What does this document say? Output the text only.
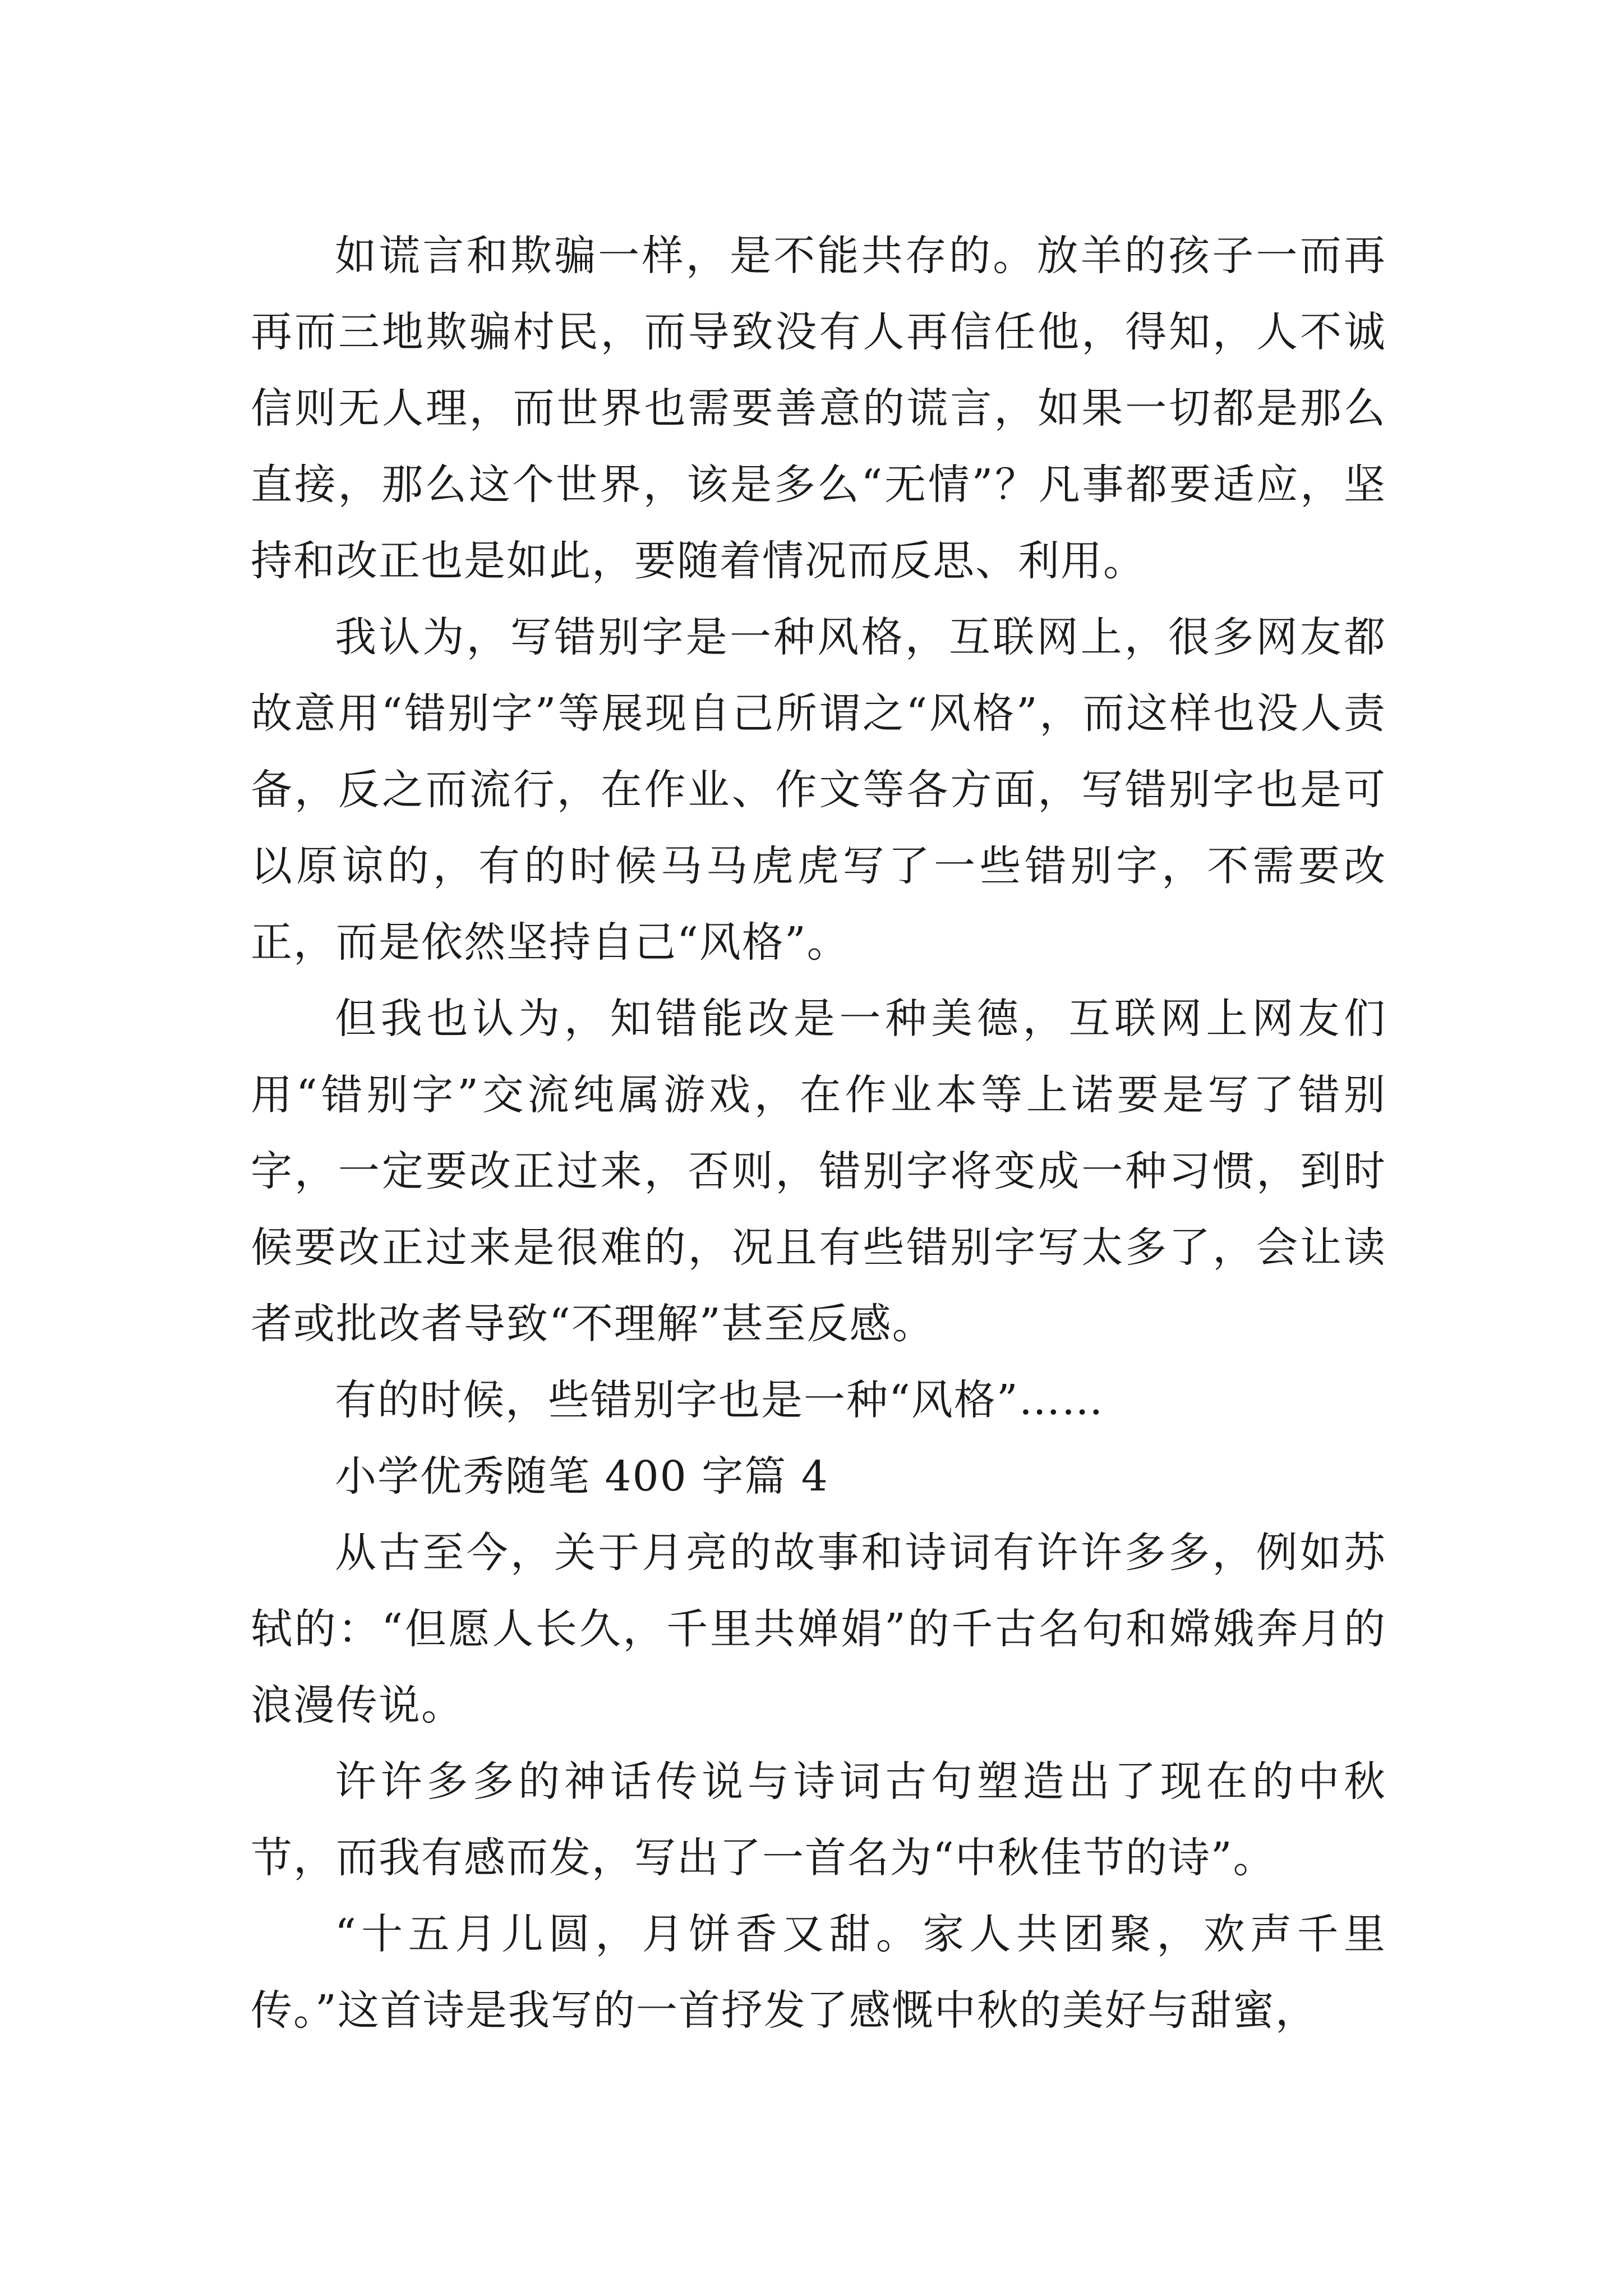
如谎言和欺骗一样，是不能共存的。放羊的孩子一而再再而三地欺骗村民，而导致没有人再信任他，得知，人不诚信则无人理，而世界也需要善意的谎言，如果一切都是那么直接，那么这个世界，该是多么“无情”？凡事都要适应，坚持和改正也是如此，要随着情况而反思、利用。

我认为，写错别字是一种风格，互联网上，很多网友都故意用“错别字”等展现自己所谓之“风格”，而这样也没人责备，反之而流行，在作业、作文等各方面，写错别字也是可以原谅的，有的时候马马虎虎写了一些错别字，不需要改正，而是依然坚持自己“风格”。

但我也认为，知错能改是一种美德，互联网上网友们用“错别字”交流纯属游戏，在作业本等上诺要是写了错别字，一定要改正过来，否则，错别字将变成一种习惯，到时候要改正过来是很难的，况且有些错别字写太多了，会让读者或批改者导致“不理解”甚至反感。

有的时候，些错别字也是一种“风格”……

小学优秀随笔 400 字篇 4

从古至今，关于月亮的故事和诗词有许许多多，例如苏轼的：“但愿人长久，千里共婵娟”的千古名句和嫦娥奔月的浪漫传说。

许许多多的神话传说与诗词古句塑造出了现在的中秋节，而我有感而发，写出了一首名为“中秋佳节的诗”。

“十五月儿圆，月饼香又甜。家人共团聚，欢声千里传。”这首诗是我写的一首抒发了感慨中秋的美好与甜蜜，
